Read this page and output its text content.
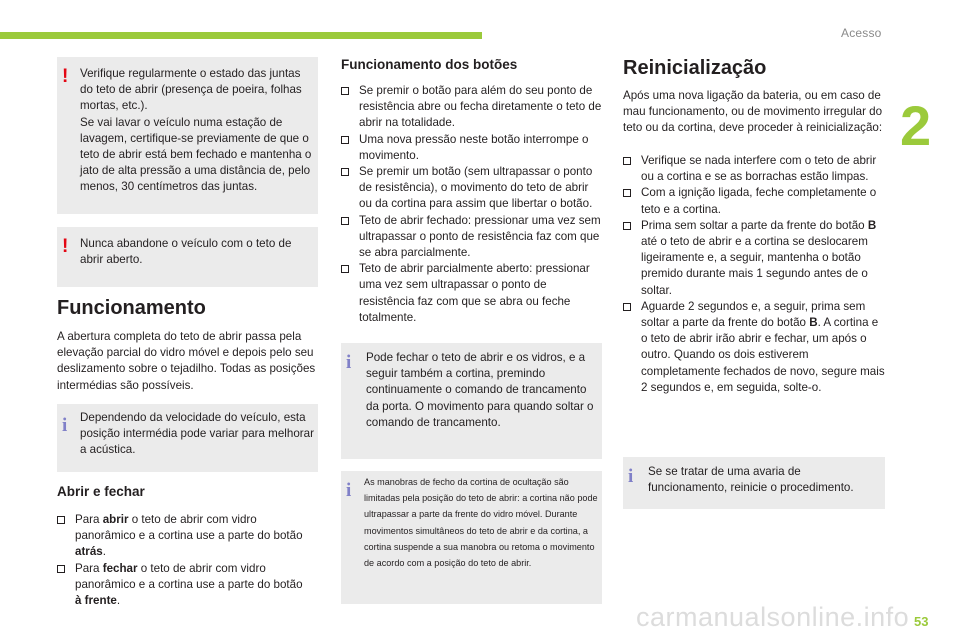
Acesso
2
53
! Verifique regularmente o estado das juntas do teto de abrir (presença de poeira, folhas mortas, etc.).
Se vai lavar o veículo numa estação de lavagem, certifique-se previamente de que o teto de abrir está bem fechado e mantenha o jato de alta pressão a uma distância de, pelo menos, 30 centímetros das juntas.

! Nunca abandone o veículo com o teto de abrir aberto.

Funcionamento
A abertura completa do teto de abrir passa pela elevação parcial do vidro móvel e depois pelo seu deslizamento sobre o tejadilho. Todas as posições intermédias são possíveis.
i Dependendo da velocidade do veículo, esta posição intermédia pode variar para melhorar a acústica.

Abrir e fechar
Para abrir o teto de abrir com vidro panorâmico e a cortina use a parte do botão atrás.
Para fechar o teto de abrir com vidro panorâmico e a cortina use a parte do botão à frente.
Funcionamento dos botões
Se premir o botão para além do seu ponto de resistência abre ou fecha diretamente o teto de abrir na totalidade.
Uma nova pressão neste botão interrompe o movimento.
Se premir um botão (sem ultrapassar o ponto de resistência), o movimento do teto de abrir ou da cortina para assim que libertar o botão.
Teto de abrir fechado: pressionar uma vez sem ultrapassar o ponto de resistência faz com que se abra parcialmente.
Teto de abrir parcialmente aberto: pressionar uma vez sem ultrapassar o ponto de resistência faz com que se abra ou feche totalmente.
i Pode fechar o teto de abrir e os vidros, e a seguir também a cortina, premindo continuamente o comando de trancamento da porta. O movimento para quando soltar o comando de trancamento.

i As manobras de fecho da cortina de ocultação são limitadas pela posição do teto de abrir: a cortina não pode ultrapassar a parte da frente do vidro móvel. Durante movimentos simultâneos do teto de abrir e da cortina, a cortina suspende a sua manobra ou retoma o movimento de acordo com a posição do teto de abrir.

Reinicialização
Após uma nova ligação da bateria, ou em caso de mau funcionamento, ou de movimento irregular do teto ou da cortina, deve proceder à reinicialização:
Verifique se nada interfere com o teto de abrir ou a cortina e se as borrachas estão limpas.
Com a ignição ligada, feche completamente o teto e a cortina.
Prima sem soltar a parte da frente do botão B até o teto de abrir e a cortina se deslocarem ligeiramente e, a seguir, mantenha o botão premido durante mais 1 segundo antes de o soltar.
Aguarde 2 segundos e, a seguir, prima sem soltar a parte da frente do botão B. A cortina e o teto de abrir irão abrir e fechar, um após o outro. Quando os dois estiverem completamente fechados de novo, segure mais 2 segundos e, em seguida, solte-o.
i Se se tratar de uma avaria de funcionamento, reinicie o procedimento.

carmanualsonline.info
